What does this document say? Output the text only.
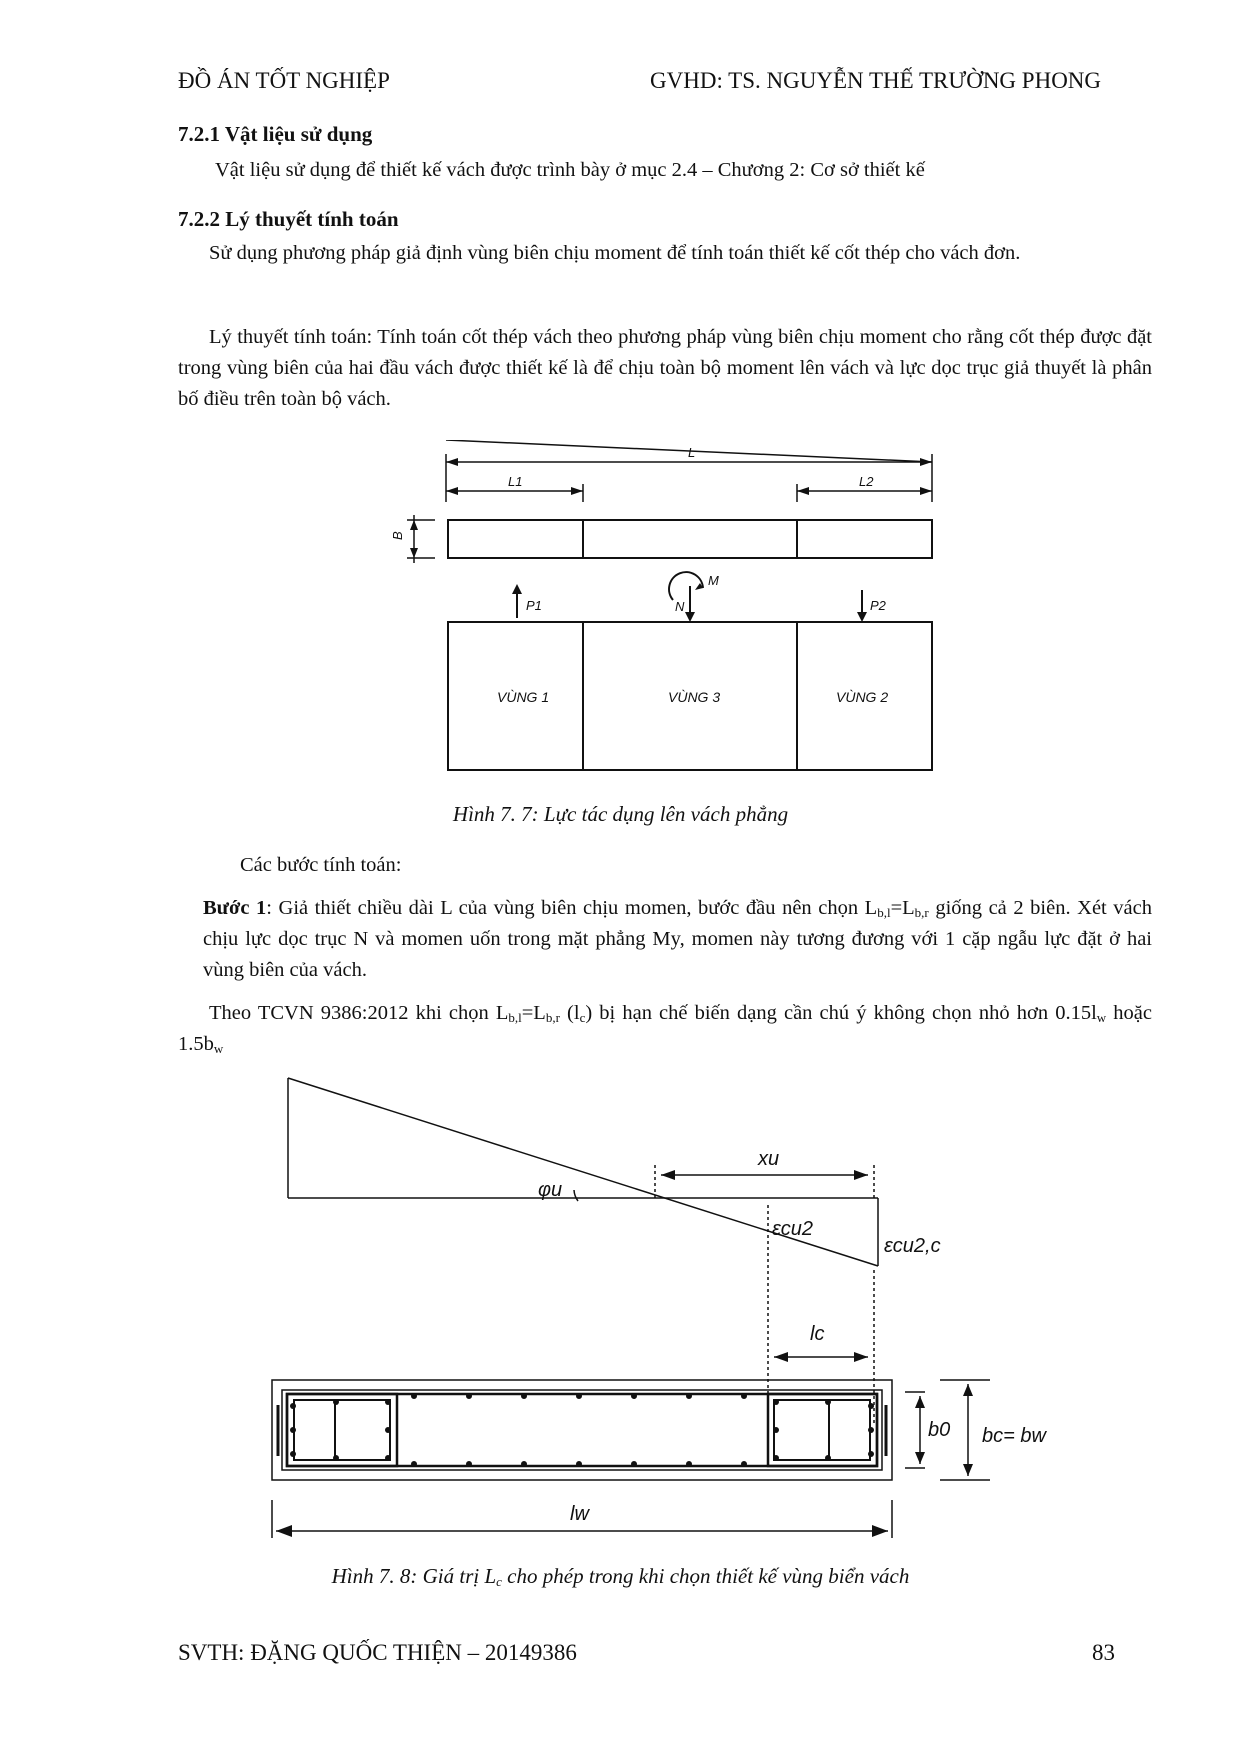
ĐỒ ÁN TỐT NGHIỆP	GVHD: TS. NGUYỄN THẾ TRƯỜNG PHONG
7.2.1 Vật liệu sử dụng
Vật liệu sử dụng để thiết kế vách được trình bày ở mục 2.4 – Chương 2: Cơ sở thiết kế
7.2.2 Lý thuyết tính toán
Sử dụng phương pháp giả định vùng biên chịu moment để tính toán thiết kế cốt thép cho vách đơn.
Lý thuyết tính toán: Tính toán cốt thép vách theo phương pháp vùng biên chịu moment cho rằng cốt thép được đặt trong vùng biên của hai đầu vách được thiết kế là để chịu toàn bộ moment lên vách và lực dọc trục giả thuyết là phân bố điều trên toàn bộ vách.
L
L1	L2
B
P1	N
M
P2
VÙNG 1	VÙNG 3	VÙNG 2
Hình 7. 7: Lực tác dụng lên vách phẳng
Các bước tính toán:
Bước 1: Giả thiết chiều dài L của vùng biên chịu momen, bước đầu nên chọn $L_{b,l}=L_{b,r}$ giống cả 2 biên. Xét vách chịu lực dọc trục N và momen uốn trong mặt phẳng My, momen này tương đương với 1 cặp ngẫu lực đặt ở hai vùng biên của vách.
Theo TCVN 9386:2012 khi chọn $L_{b,l}=L_{b,r}$ $(l_c)$ bị hạn chế biến dạng cần chú ý không chọn nhỏ hơn $0.15l_w$ hoặc $1.5b_w$
xu
φu
εcu2
εcu2,c
lc
b0 bc= bw
lw
Hình 7. 8: Giá trị $L_c$ cho phép trong khi chọn thiết kế vùng biển vách
SVTH: ĐẶNG QUỐC THIỆN – 20149386	83
